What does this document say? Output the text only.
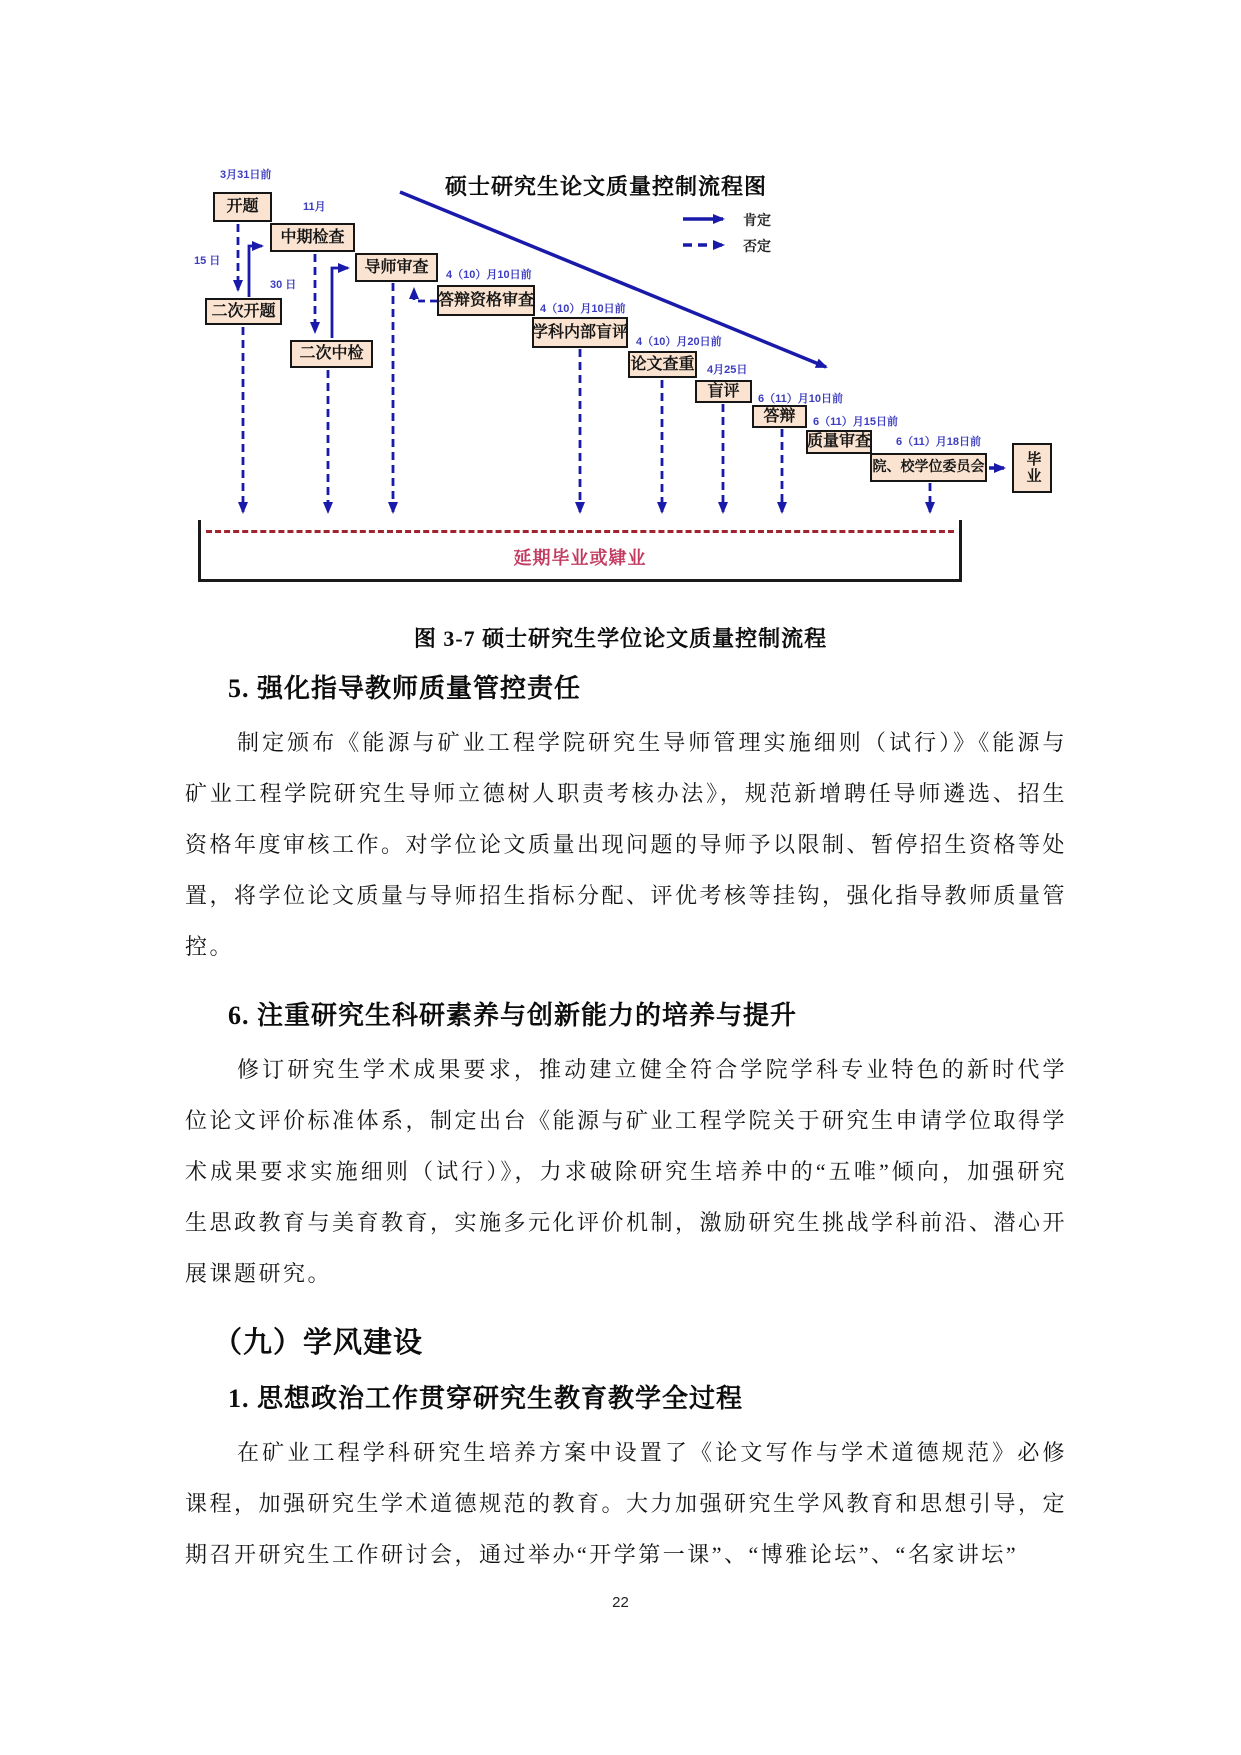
硕士研究生论文质量控制流程图
肯定
否定
开题
中期检查
导师审查
答辩资格审查
学科内部盲评
论文查重
盲评
答辩
质量审查
院、校学位委员会	毕业
二次开题
二次中检
3月31日前
11月
15 日
30 日
4（10）月10日前
4（10）月10日前
4（10）月20日前
4月25日
6（11）月10日前
6（11）月15日前
6（11）月18日前
延期毕业或肄业

图 3-7 硕士研究生学位论文质量控制流程

5. 强化指导教师质量管控责任

制定颁布《能源与矿业工程学院研究生导师管理实施细则（试行）》《能源与矿业工程学院研究生导师立德树人职责考核办法》，规范新增聘任导师遴选、招生资格年度审核工作。对学位论文质量出现问题的导师予以限制、暂停招生资格等处置，将学位论文质量与导师招生指标分配、评优考核等挂钩，强化指导教师质量管控。

6. 注重研究生科研素养与创新能力的培养与提升

修订研究生学术成果要求，推动建立健全符合学院学科专业特色的新时代学位论文评价标准体系，制定出台《能源与矿业工程学院关于研究生申请学位取得学术成果要求实施细则（试行）》，力求破除研究生培养中的“五唯”倾向，加强研究生思政教育与美育教育，实施多元化评价机制，激励研究生挑战学科前沿、潜心开展课题研究。

（九）学风建设
1. 思想政治工作贯穿研究生教育教学全过程

在矿业工程学科研究生培养方案中设置了《论文写作与学术道德规范》必修课程，加强研究生学术道德规范的教育。大力加强研究生学风教育和思想引导，定期召开研究生工作研讨会，通过举办“开学第一课”、“博雅论坛”、“名家讲坛”

22
